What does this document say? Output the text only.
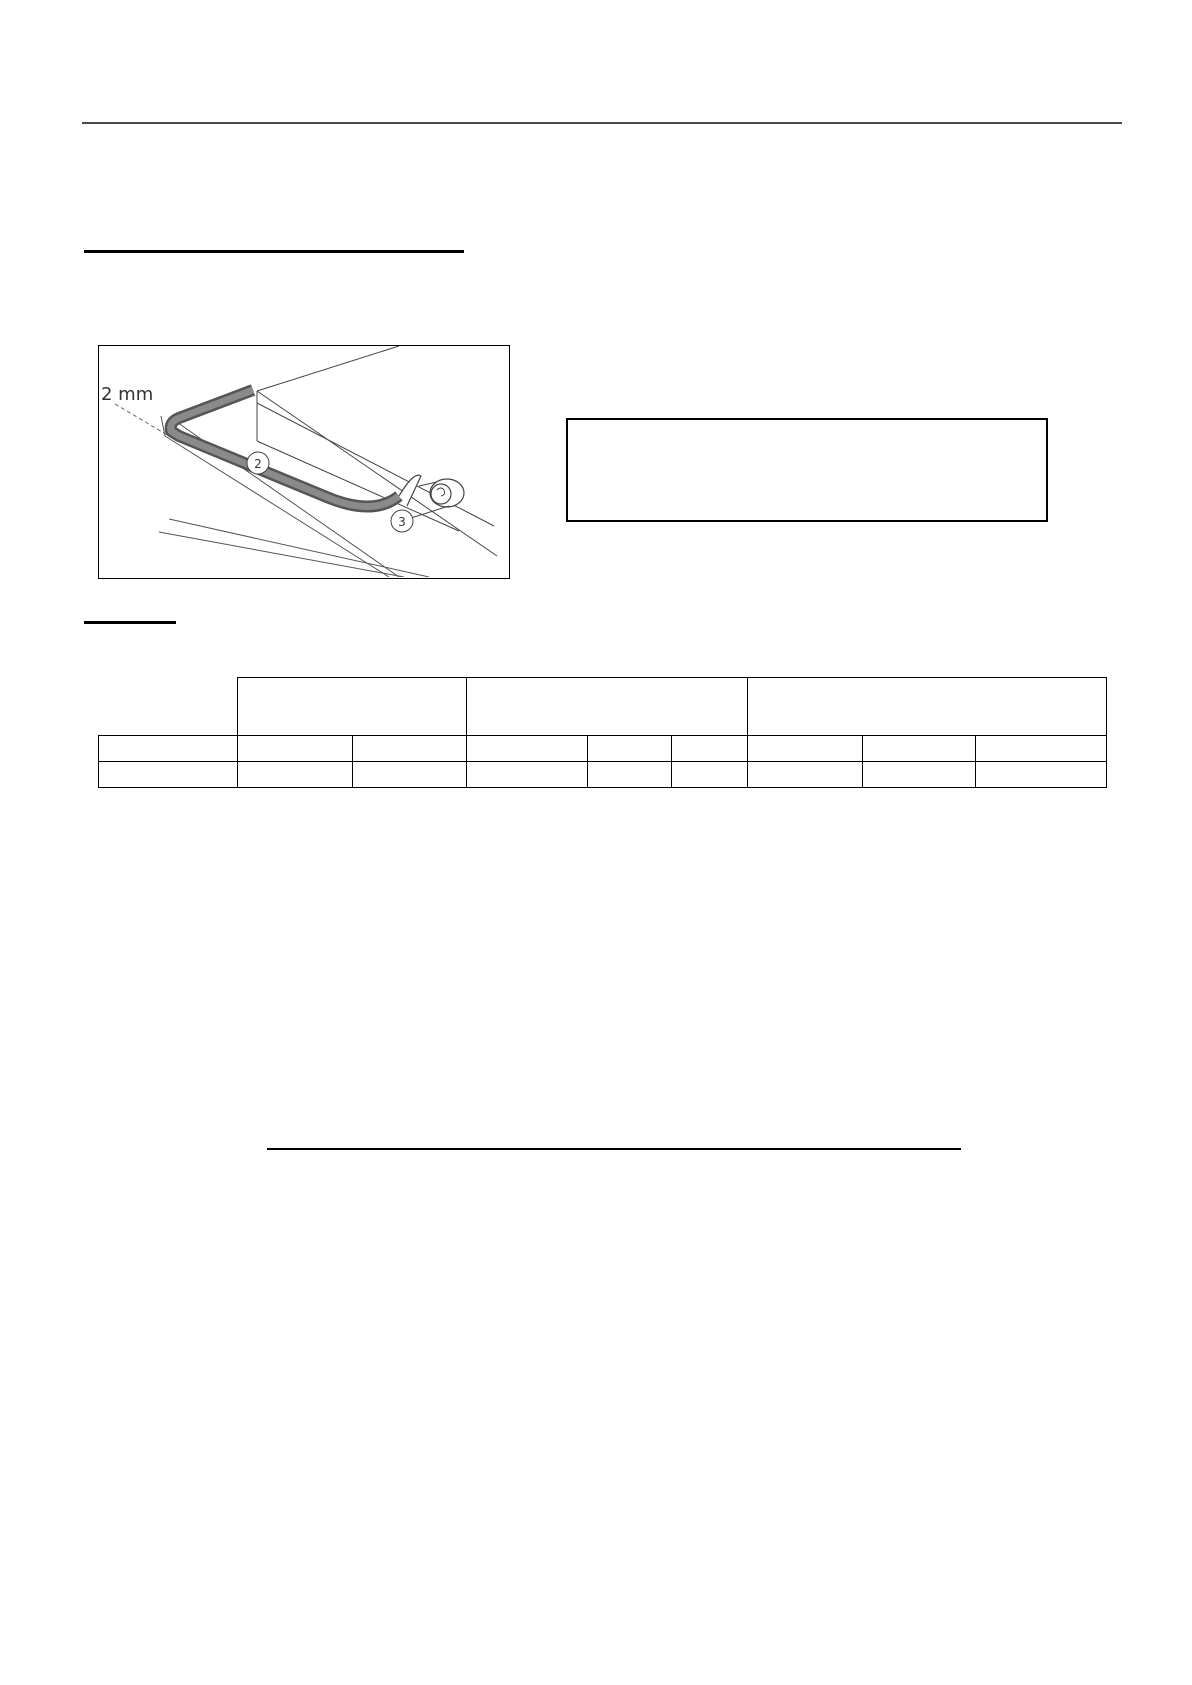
2 mm
2
3
